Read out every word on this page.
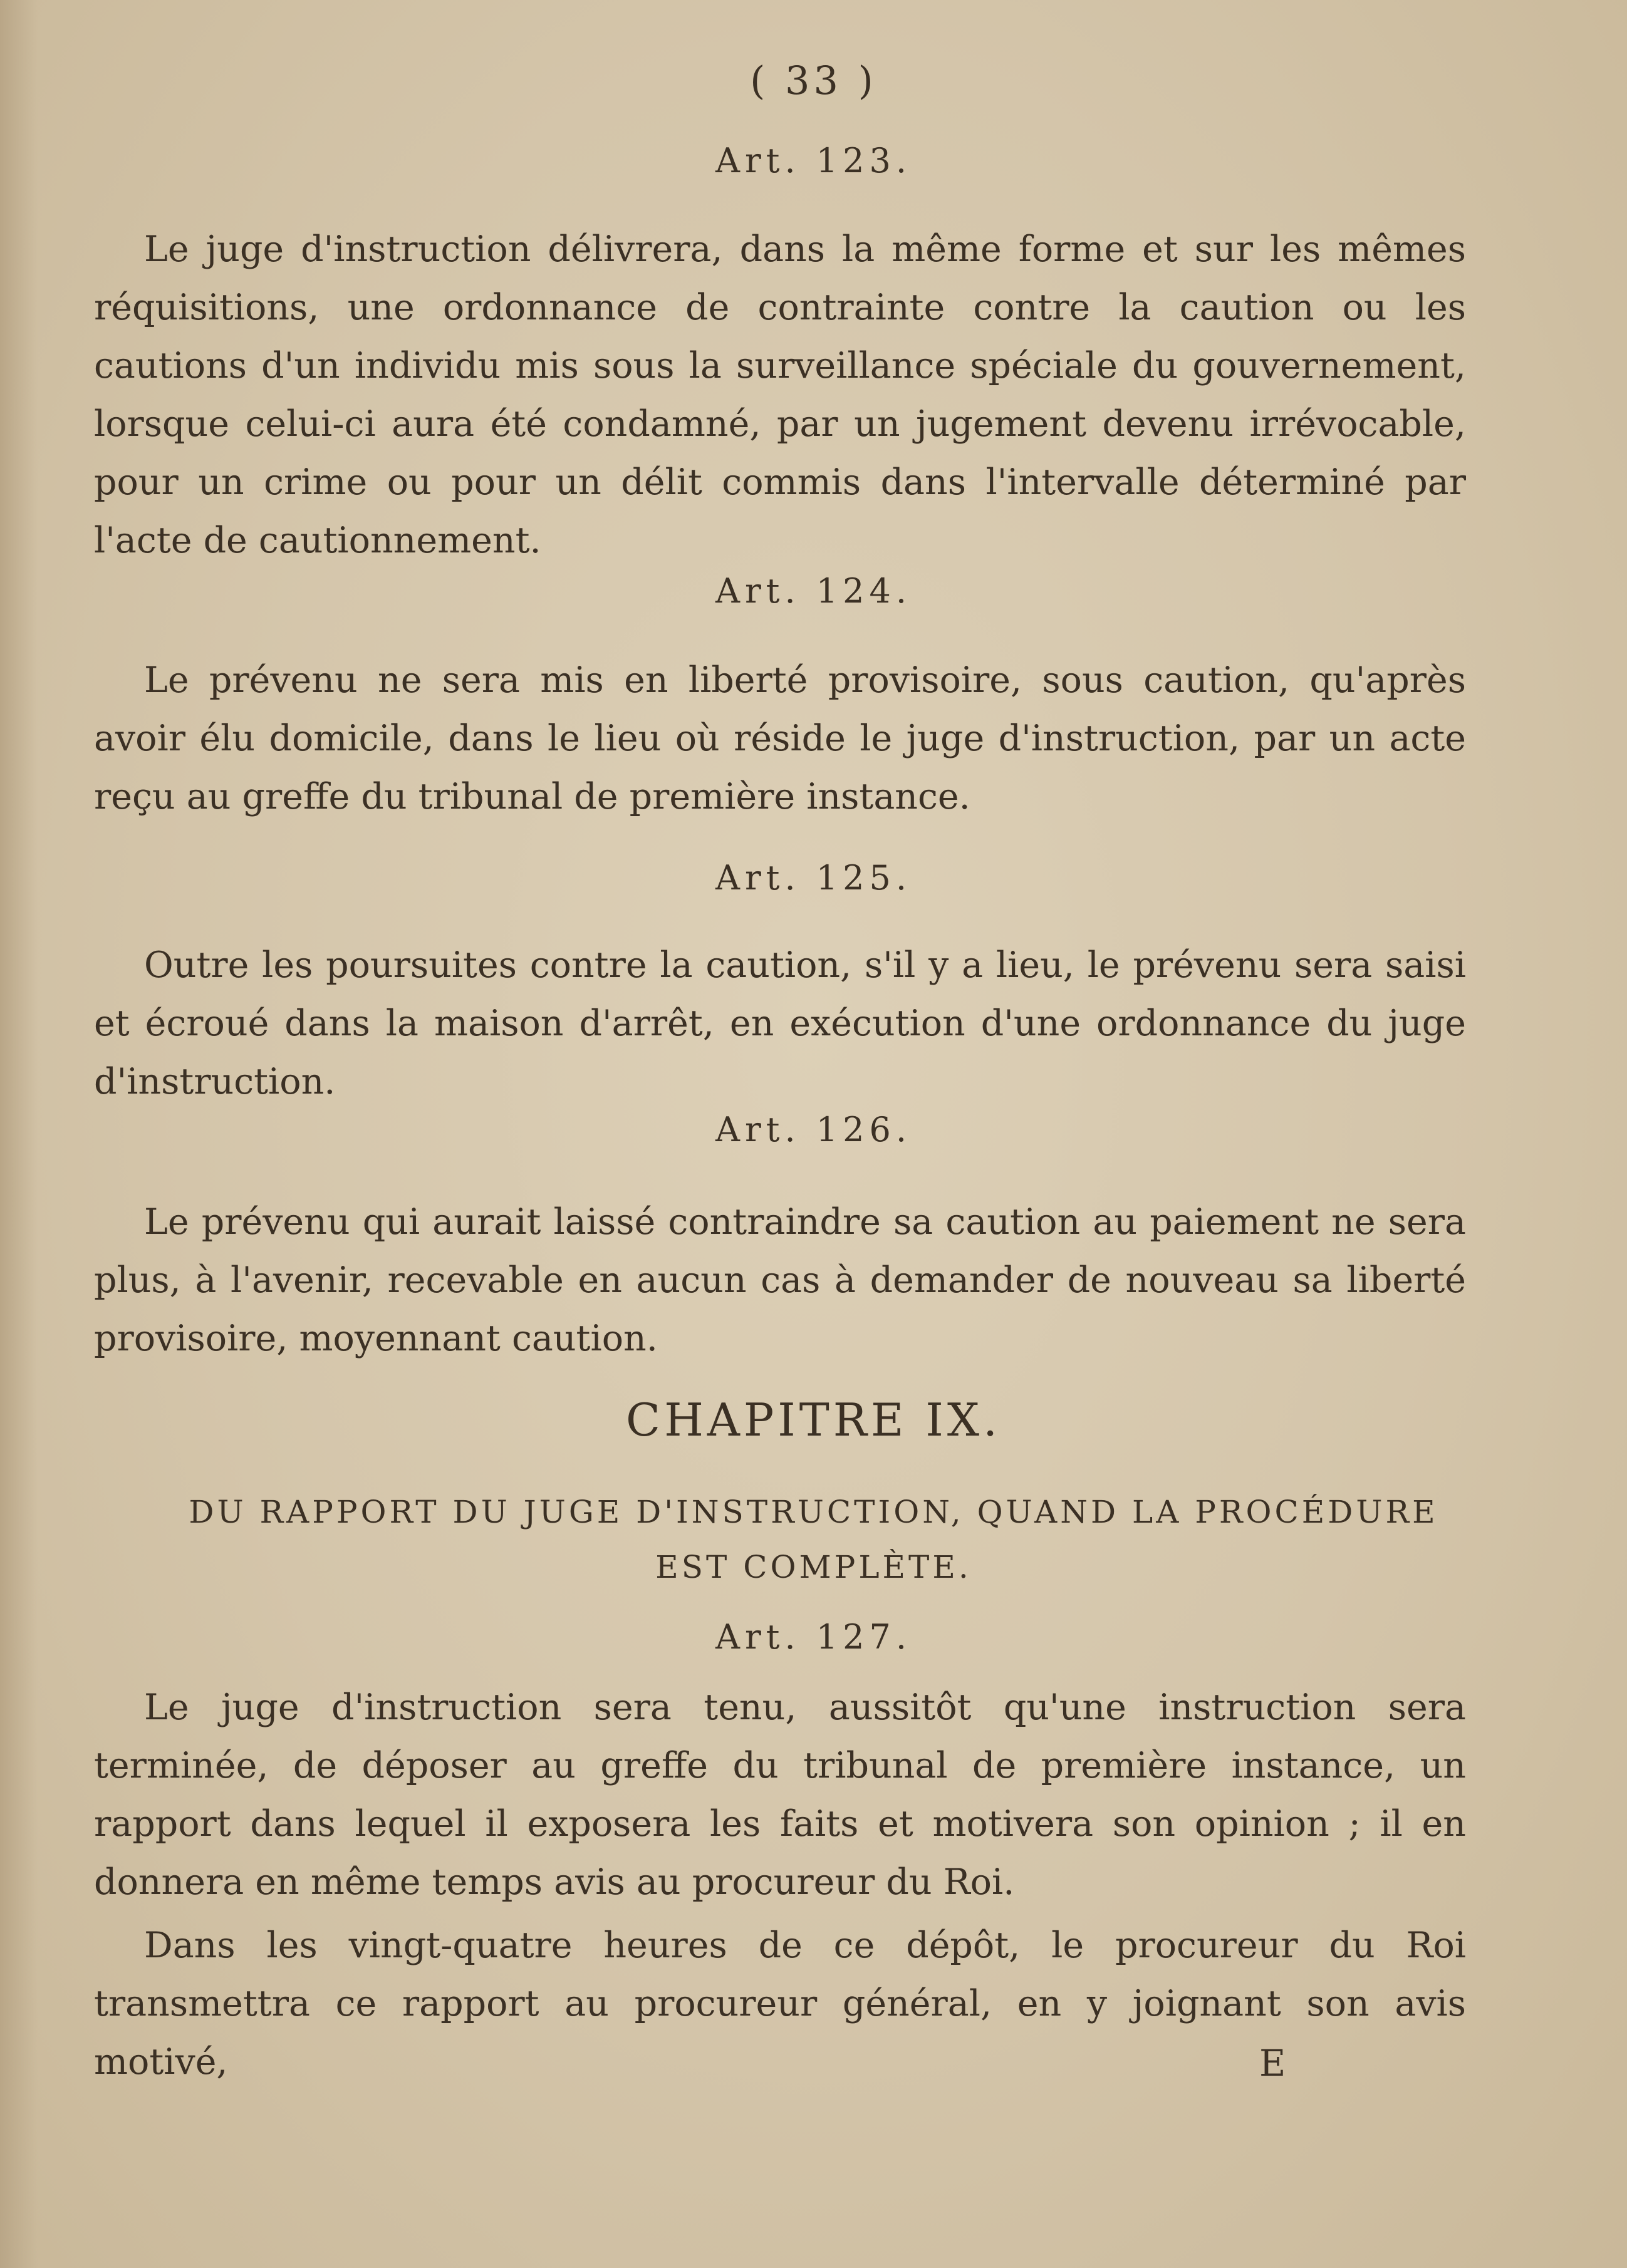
( 33 )
Art. 123.

Le juge d'instruction délivrera, dans la même forme et sur les mêmes réquisitions, une ordonnance de contrainte contre la caution ou les cautions d'un individu mis sous la surveillance spéciale du gouvernement, lorsque celui-ci aura été condamné, par un jugement devenu irrévocable, pour un crime ou pour un délit commis dans l'intervalle déterminé par l'acte de cautionnement.

Art. 124.

Le prévenu ne sera mis en liberté provisoire, sous caution, qu'après avoir élu domicile, dans le lieu où réside le juge d'instruction, par un acte reçu au greffe du tribunal de première instance.

Art. 125.

Outre les poursuites contre la caution, s'il y a lieu, le prévenu sera saisi et écroué dans la maison d'arrêt, en exécution d'une ordonnance du juge d'instruction.

Art. 126.

Le prévenu qui aurait laissé contraindre sa caution au paiement ne sera plus, à l'avenir, recevable en aucun cas à demander de nouveau sa liberté provisoire, moyennant caution.

CHAPITRE IX.
DU RAPPORT DU JUGE D'INSTRUCTION, QUAND LA PROCÉDURE
EST COMPLÈTE.
Art. 127.

Le juge d'instruction sera tenu, aussitôt qu'une instruction sera terminée, de déposer au greffe du tribunal de première instance, un rapport dans lequel il exposera les faits et motivera son opinion ; il en donnera en même temps avis au procureur du Roi.

Dans les vingt-quatre heures de ce dépôt, le procureur du Roi transmettra ce rapport au procureur général, en y joignant son avis motivé,	E
